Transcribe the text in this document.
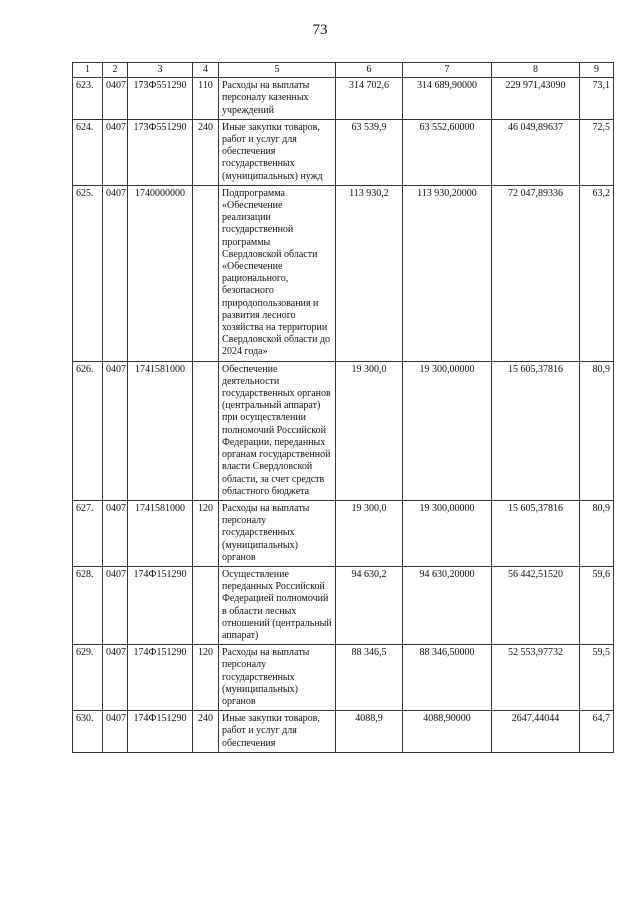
73
1	2	3	4	5	6	7	8	9
623.	0407	173Ф551290	110	Расходы на выплаты персоналу казенных учреждений	314 702,6	314 689,90000	229 971,43090	73,1
624.	0407	173Ф551290	240	Иные закупки товаров, работ и услуг для обеспечения государственных (муниципальных) нужд	63 539,9	63 552,60000	46 049,89637	72,5
625.	0407	1740000000		Подпрограмма «Обеспечение реализации государственной программы Свердловской области «Обеспечение рационального, безопасного природопользования и развития лесного хозяйства на территории Свердловской области до 2024 года»	113 930,2	113 930,20000	72 047,89336	63,2
626.	0407	1741581000		Обеспечение деятельности государственных органов (центральный аппарат) при осуществлении полномочий Российской Федерации, переданных органам государственной власти Свердловской области, за счет средств областного бюджета	19 300,0	19 300,00000	15 605,37816	80,9
627.	0407	1741581000	120	Расходы на выплаты персоналу государственных (муниципальных) органов	19 300,0	19 300,00000	15 605,37816	80,9
628.	0407	174Ф151290		Осуществление переданных Российской Федерацией полномочий в области лесных отношений (центральный аппарат)	94 630,2	94 630,20000	56 442,51520	59,6
629.	0407	174Ф151290	120	Расходы на выплаты персоналу государственных (муниципальных) органов	88 346,5	88 346,50000	52 553,97732	59,5
630.	0407	174Ф151290	240	Иные закупки товаров, работ и услуг для обеспечения	4088,9	4088,90000	2647,44044	64,7
